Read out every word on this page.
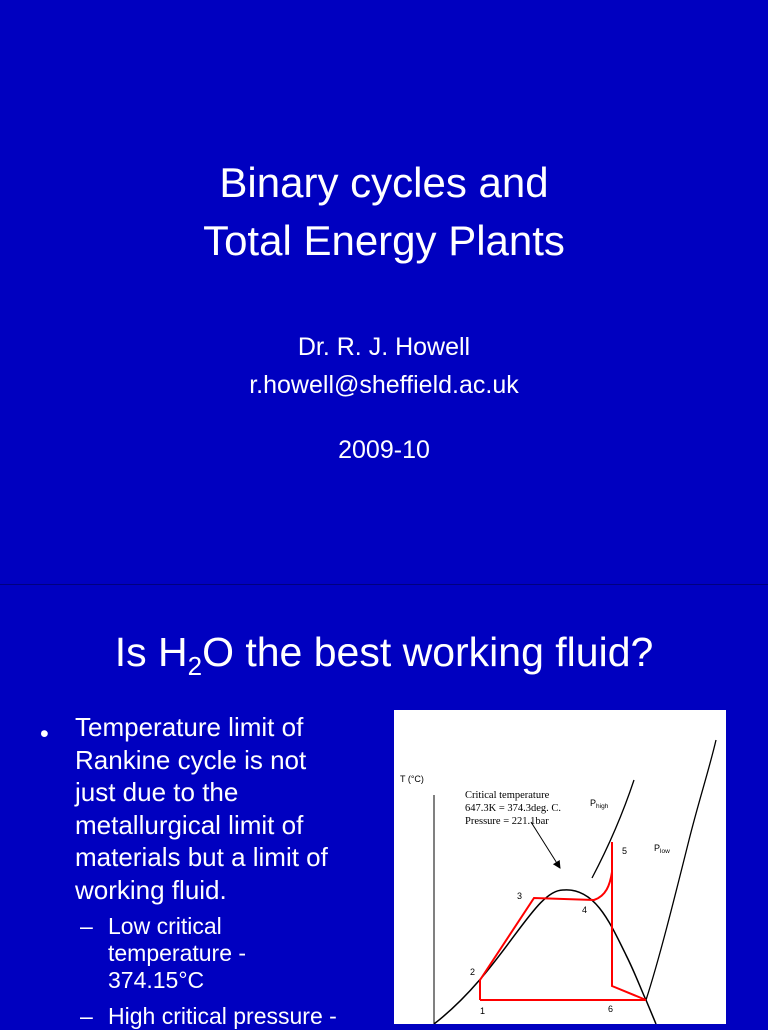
Binary cycles and
Total Energy Plants
Dr. R. J. Howell
r.howell@sheffield.ac.uk
2009-10
Is $H_2O$ the best working fluid?
• Temperature limit of
Rankine cycle is not
just due to the
metallurgical limit of
materials but a limit of
working fluid.
– Low critical
temperature -
374.15°C
– High critical pressure -
T (°C)
Critical temperature
647.3K = 374.3deg. C.
Pressure = 221.1bar
$P_{high}$
$P_{low}$
1
2
3
4
5
6
